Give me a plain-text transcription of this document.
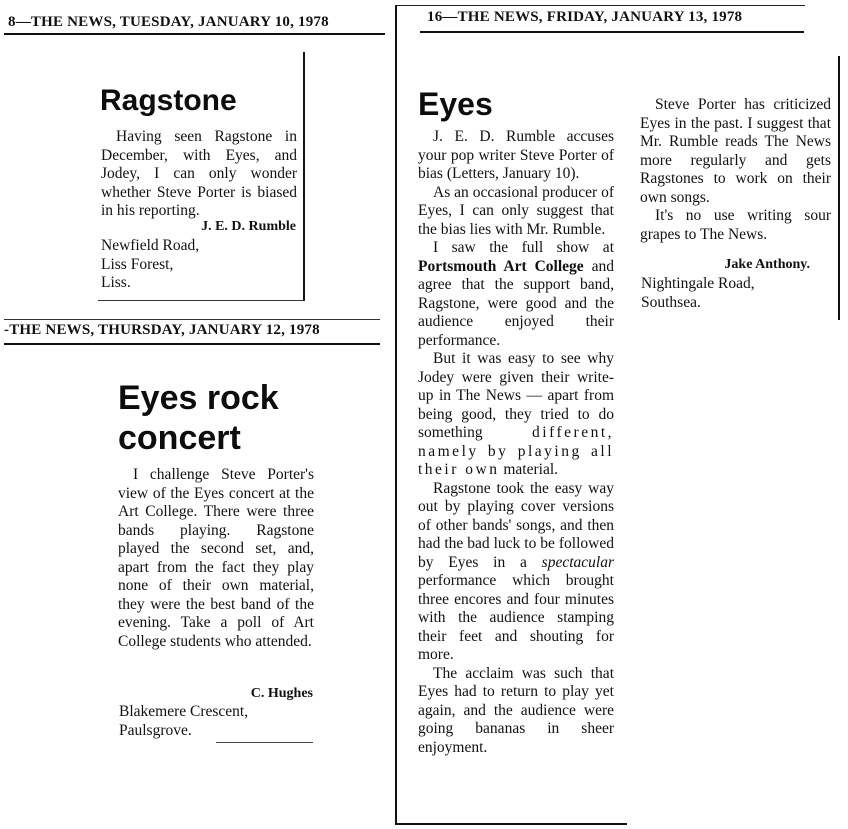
8—THE NEWS, TUESDAY, JANUARY 10, 1978
Ragstone
Having seen Ragstone in December, with Eyes, and Jodey, I can only wonder whether Steve Porter is biased in his reporting.
J. E. D. Rumble
Newfield Road,
Liss Forest,
Liss.
-THE NEWS, THURSDAY, JANUARY 12, 1978
Eyes rock concert
I challenge Steve Porter's view of the Eyes concert at the Art College. There were three bands playing. Ragstone played the second set, and, apart from the fact they play none of their own material, they were the best band of the evening. Take a poll of Art College students who attended.
C. Hughes
Blakemere Crescent,
Paulsgrove.
16—THE NEWS, FRIDAY, JANUARY 13, 1978
Eyes

J. E. D. Rumble accuses your pop writer Steve Porter of bias (Letters, January 10).

As an occasional producer of Eyes, I can only suggest that the bias lies with Mr. Rumble.

I saw the full show at Portsmouth Art College and agree that the support band, Ragstone, were good and the audience enjoyed their performance.

But it was easy to see why Jodey were given their write-up in The News — apart from being good, they tried to do something	different, namely by playing all their own material.

Ragstone took the easy way out by playing cover versions of other bands' songs, and then had the bad luck to be followed by Eyes in a spectacular performance which brought three encores and four minutes with the audience stamping their feet and shouting for more.

The acclaim was such that Eyes had to return to play yet again, and the audience were going bananas in sheer enjoyment.

Steve Porter has criticized Eyes in the past. I suggest that Mr. Rumble reads The News more regularly and gets Ragstones to work on their own songs.

It's no use writing sour grapes to The News.

Jake Anthony.
Nightingale Road,
Southsea.
